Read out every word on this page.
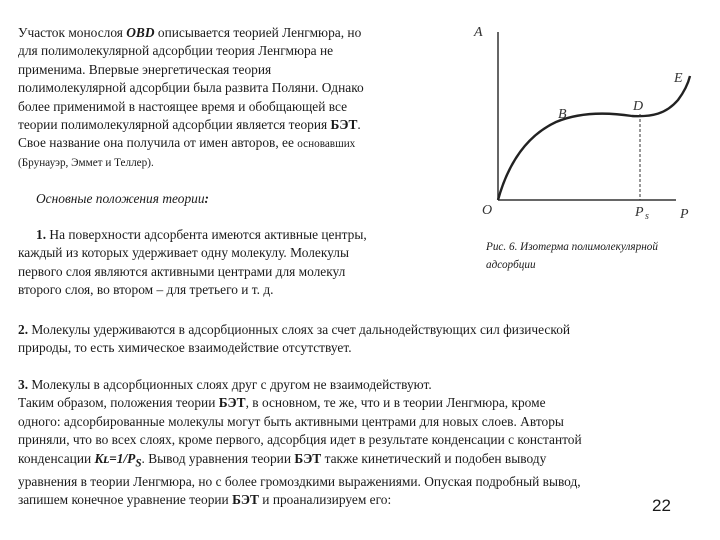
Участок монослоя OBD описывается теорией Ленгмюра, но
для полимолекулярной адсорбции теория Ленгмюра не
применима. Впервые энергетическая теория
полимолекулярной адсорбции была развита Поляни. Однако
более применимой в настоящее время и обобщающей все
теории полимолекулярной адсорбции является теория БЭТ.
Свое название она получила от имен авторов, ее основавших
(Брунауэр, Эммет и Теллер).
Основные положения теории:
1. На поверхности адсорбента имеются активные центры,
каждый из которых удерживает одну молекулу. Молекулы
первого слоя являются активными центрами для молекул
второго слоя, во втором – для третьего и т. д.
2. Молекулы удерживаются в адсорбционных слоях за счет дальнодействующих сил физической
природы, то есть химическое взаимодействие отсутствует.
3. Молекулы в адсорбционных слоях друг с другом не взаимодействуют.
Таким образом, положения теории БЭТ, в основном, те же, что и в теории Ленгмюра, кроме
одного: адсорбированные молекулы могут быть активными центрами для новых слоев. Авторы
приняли, что во всех слоях, кроме первого, адсорбция идет в результате конденсации с константой
конденсации $Kʟ=1/P_S$. Вывод уравнения теории БЭТ также кинетический и подобен выводу
уравнения в теории Ленгмюра, но с более громоздкими выражениями. Опуская подробный вывод,
запишем конечное уравнение теории БЭТ и проанализируем его:
A
O
B
D
E
P s P
Рис. 6. Изотерма полимолекулярной
адсорбции
22
